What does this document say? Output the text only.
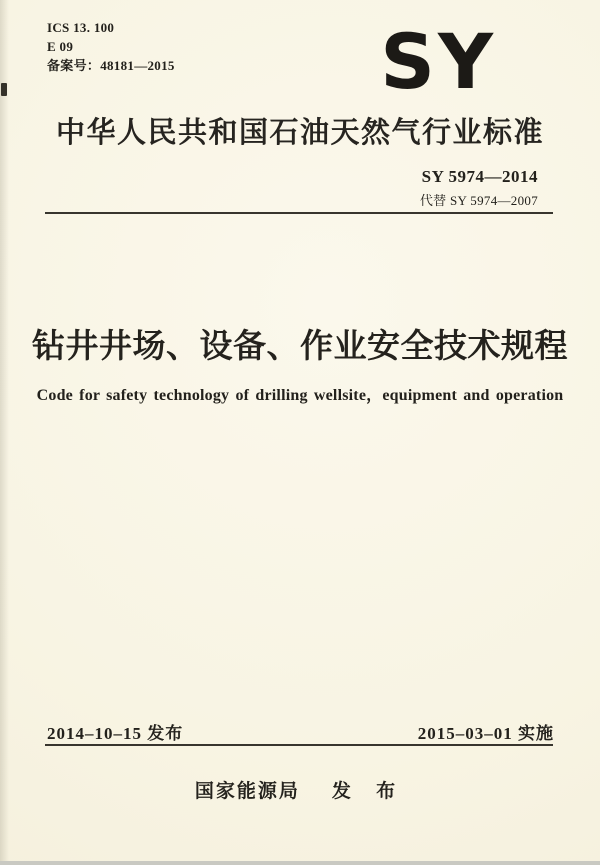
ICS 13. 100
E 09
备案号：48181—2015	SY
中华人民共和国石油天然气行业标准
SY 5974—2014
代替 SY 5974—2007
钻井井场、设备、作业安全技术规程
Code for safety technology of drilling wellsite，equipment and operation
2014–10–15 发布	2015–03–01 实施
国家能源局 发 布
